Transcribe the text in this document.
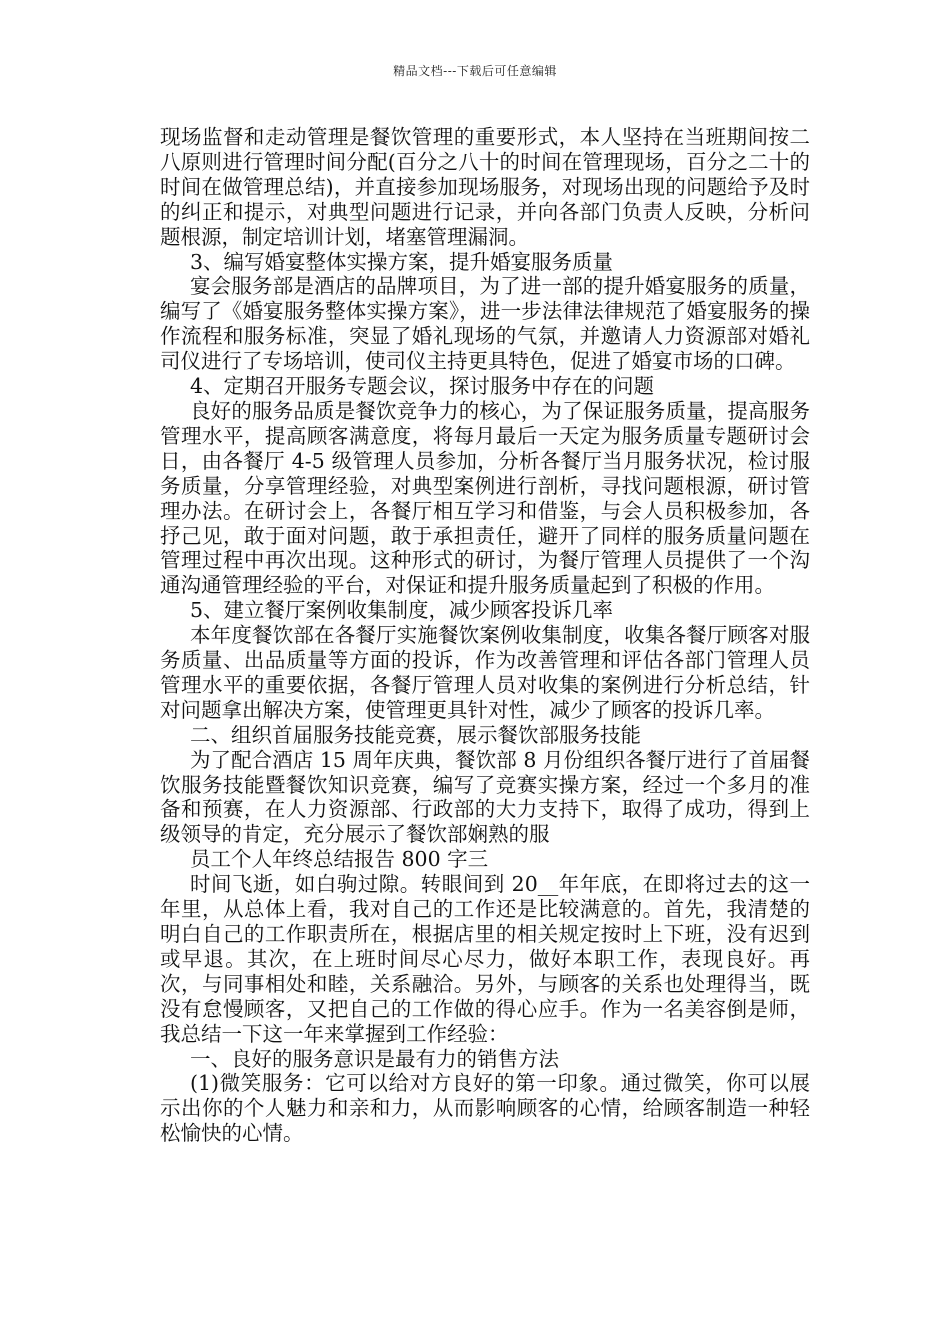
精品文档---下载后可任意编辑

现场监督和走动管理是餐饮管理的重要形式，本人坚持在当班期间按二八原则进行管理时间分配(百分之八十的时间在管理现场，百分之二十的时间在做管理总结)，并直接参加现场服务，对现场出现的问题给予及时的纠正和提示，对典型问题进行记录，并向各部门负责人反映，分析问题根源，制定培训计划，堵塞管理漏洞。

3、编写婚宴整体实操方案，提升婚宴服务质量

宴会服务部是酒店的品牌项目，为了进一部的提升婚宴服务的质量，编写了《婚宴服务整体实操方案》，进一步法律法律规范了婚宴服务的操作流程和服务标准，突显了婚礼现场的气氛，并邀请人力资源部对婚礼司仪进行了专场培训，使司仪主持更具特色，促进了婚宴市场的口碑。

4、定期召开服务专题会议，探讨服务中存在的问题

良好的服务品质是餐饮竞争力的核心，为了保证服务质量，提高服务管理水平，提高顾客满意度，将每月最后一天定为服务质量专题研讨会日，由各餐厅 4-5 级管理人员参加，分析各餐厅当月服务状况，检讨服务质量，分享管理经验，对典型案例进行剖析，寻找问题根源，研讨管理办法。在研讨会上，各餐厅相互学习和借鉴，与会人员积极参加，各抒己见，敢于面对问题，敢于承担责任，避开了同样的服务质量问题在管理过程中再次出现。这种形式的研讨，为餐厅管理人员提供了一个沟通沟通管理经验的平台，对保证和提升服务质量起到了积极的作用。

5、建立餐厅案例收集制度，减少顾客投诉几率

本年度餐饮部在各餐厅实施餐饮案例收集制度，收集各餐厅顾客对服务质量、出品质量等方面的投诉，作为改善管理和评估各部门管理人员管理水平的重要依据，各餐厅管理人员对收集的案例进行分析总结，针对问题拿出解决方案，使管理更具针对性，减少了顾客的投诉几率。

二、组织首届服务技能竞赛，展示餐饮部服务技能

为了配合酒店 15 周年庆典，餐饮部 8 月份组织各餐厅进行了首届餐饮服务技能暨餐饮知识竞赛，编写了竞赛实操方案，经过一个多月的准备和预赛，在人力资源部、行政部的大力支持下，取得了成功，得到上级领导的肯定，充分展示了餐饮部娴熟的服

员工个人年终总结报告 800 字三

时间飞逝，如白驹过隙。转眼间到 20__年年底，在即将过去的这一年里，从总体上看，我对自己的工作还是比较满意的。首先，我清楚的明白自己的工作职责所在，根据店里的相关规定按时上下班，没有迟到或早退。其次，在上班时间尽心尽力，做好本职工作，表现良好。再次，与同事相处和睦，关系融洽。另外，与顾客的关系也处理得当，既没有怠慢顾客，又把自己的工作做的得心应手。作为一名美容倒是师，我总结一下这一年来掌握到工作经验：

一、良好的服务意识是最有力的销售方法

(1)微笑服务：它可以给对方良好的第一印象。通过微笑，你可以展示出你的个人魅力和亲和力，从而影响顾客的心情，给顾客制造一种轻松愉快的心情。
